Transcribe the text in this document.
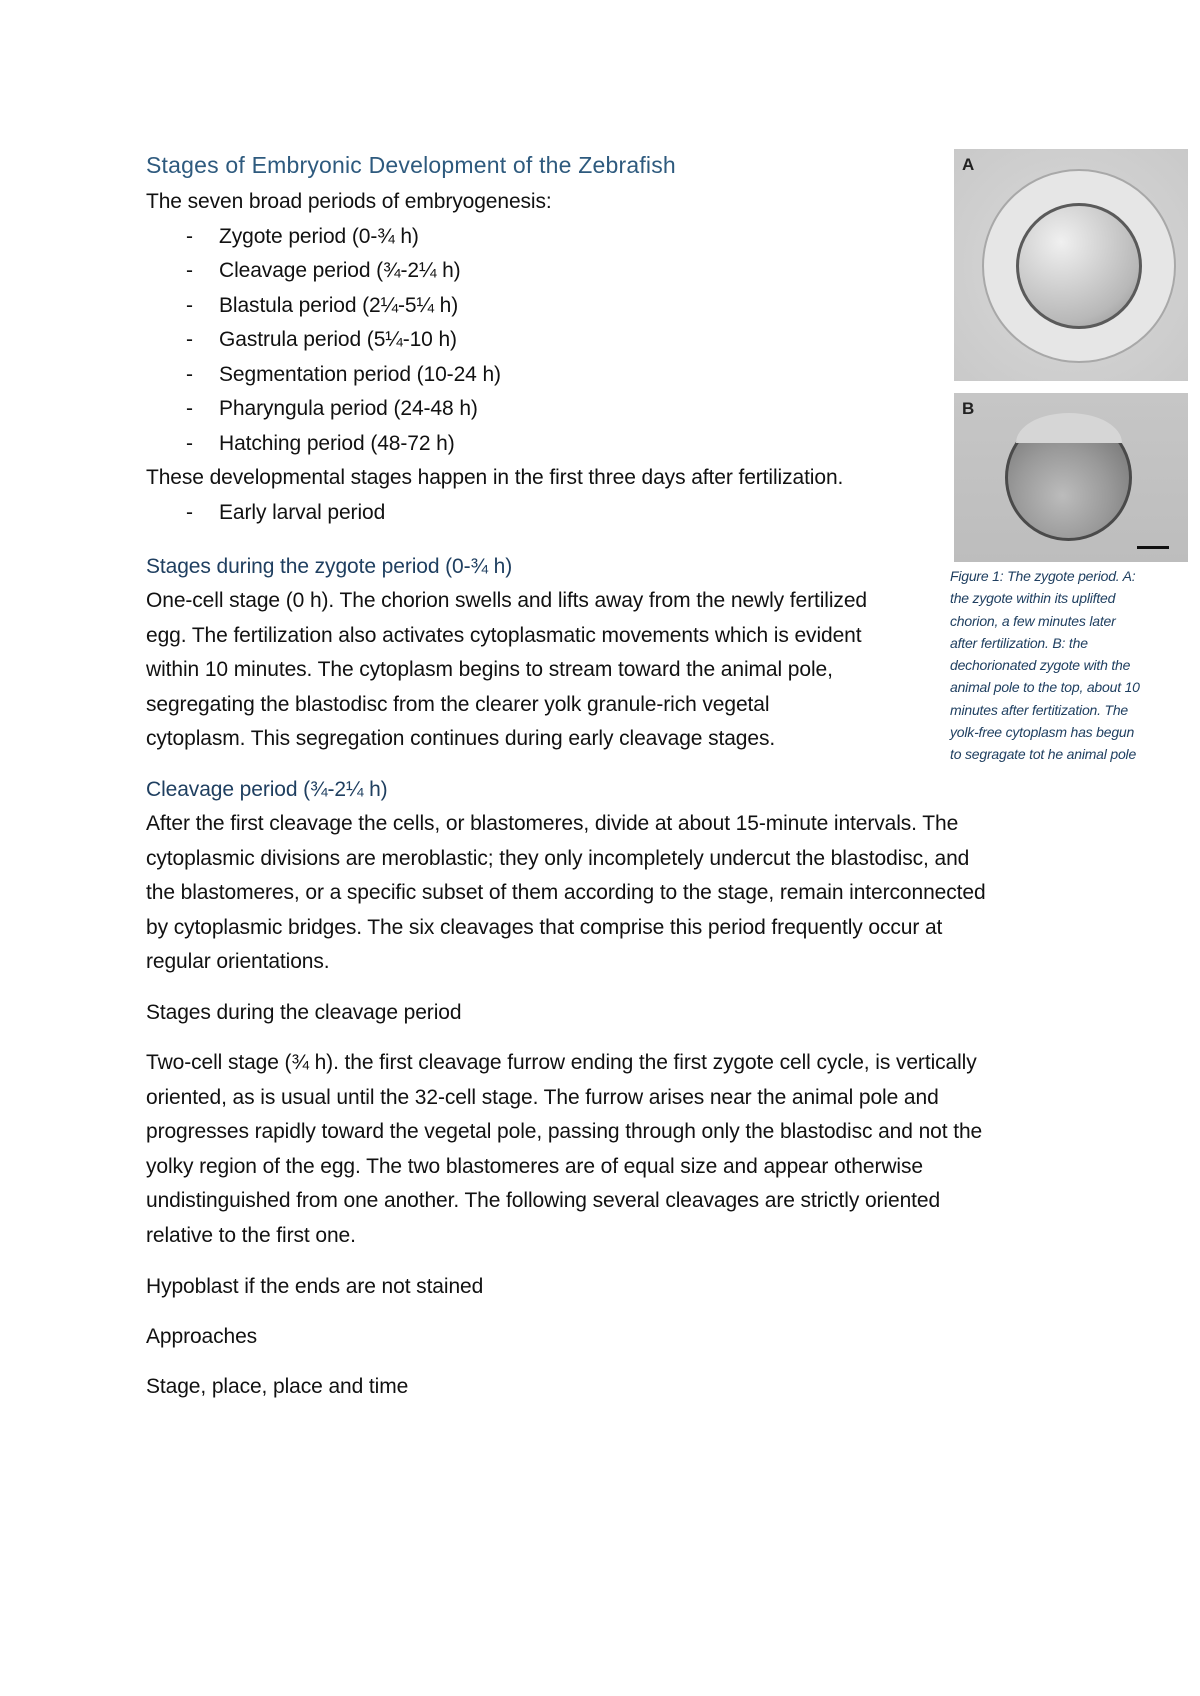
Stages of Embryonic Development of the Zebrafish
The seven broad periods of embryogenesis:
- Zygote period (0-¾ h)
- Cleavage period (¾-2¼ h)
- Blastula period (2¼-5¼ h)
- Gastrula period (5¼-10 h)
- Segmentation period (10-24 h)
- Pharyngula period (24-48 h)
- Hatching period (48-72 h)
These developmental stages happen in the first three days after fertilization.
- Early larval period
Stages during the zygote period (0-¾ h)
One-cell stage (0 h). The chorion swells and lifts away from the newly fertilized
egg. The fertilization also activates cytoplasmatic movements which is evident
within 10 minutes. The cytoplasm begins to stream toward the animal pole,
segregating the blastodisc from the clearer yolk granule-rich vegetal
cytoplasm. This segregation continues during early cleavage stages.
Cleavage period (¾-2¼ h)
After the first cleavage the cells, or blastomeres, divide at about 15-minute intervals. The
cytoplasmic divisions are meroblastic; they only incompletely undercut the blastodisc, and
the blastomeres, or a specific subset of them according to the stage, remain interconnected
by cytoplasmic bridges. The six cleavages that comprise this period frequently occur at
regular orientations.
Stages during the cleavage period
Two-cell stage (¾ h). the first cleavage furrow ending the first zygote cell cycle, is vertically
oriented, as is usual until the 32-cell stage. The furrow arises near the animal pole and
progresses rapidly toward the vegetal pole, passing through only the blastodisc and not the
yolky region of the egg. The two blastomeres are of equal size and appear otherwise
undistinguished from one another. The following several cleavages are strictly oriented
relative to the first one.
Hypoblast if the ends are not stained
Approaches
Stage, place, place and time
A
B
Figure 1: The zygote period. A:
the zygote within its uplifted
chorion, a few minutes later
after fertilization. B: the
dechorionated zygote with the
animal pole to the top, about 10
minutes after fertitization. The
yolk-free cytoplasm has begun
to segragate tot he animal pole
